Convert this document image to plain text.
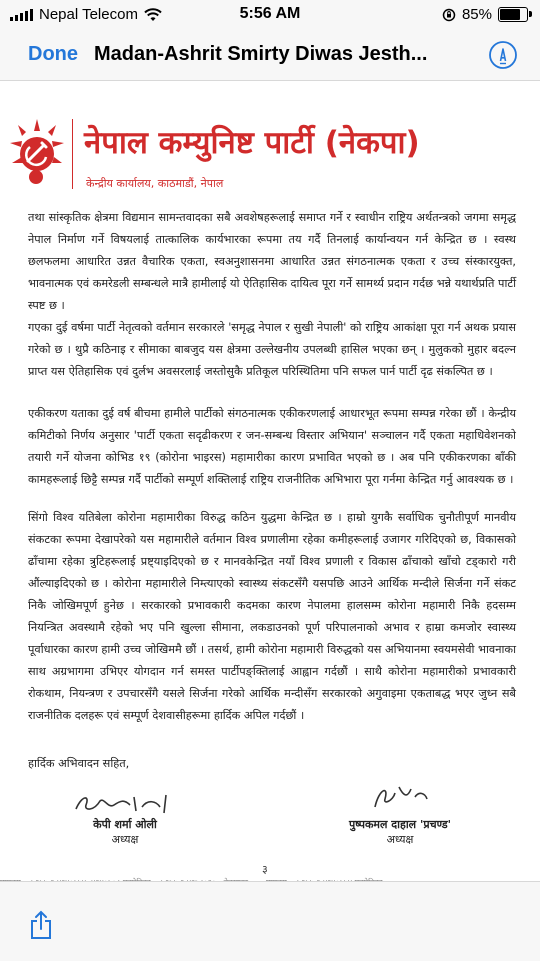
Nepal Telecom	5:56 AM	85%
Done Madan-Ashrit Smirty Diwas Jesth...
नेपाल कम्युनिष्ट पार्टी (नेकपा)
केन्द्रीय कार्यालय, काठमाडौं, नेपाल

तथा सांस्कृतिक क्षेत्रमा विद्यमान सामन्तवादका सबै अवशेषहरूलाई समाप्त गर्ने र स्वाधीन राष्ट्रिय अर्थतन्त्रको जगमा समृद्ध नेपाल निर्माण गर्ने विषयलाई तात्कालिक कार्यभारका रूपमा तय गर्दै तिनलाई कार्यान्वयन गर्न केन्द्रित छ । स्वस्थ छलफलमा आधारित उन्नत वैचारिक एकता, स्वअनुशासनमा आधारित उन्नत संगठनात्मक एकता र उच्च संस्कारयुक्त, भावनात्मक एवं कमरेडली सम्बन्धले मात्रै हामीलाई यो ऐतिहासिक दायित्व पूरा गर्ने सामर्थ्य प्रदान गर्दछ भन्ने यथार्थप्रति पार्टी स्पष्ट छ ।

गएका दुई वर्षमा पार्टी नेतृत्वको वर्तमान सरकारले 'समृद्ध नेपाल र सुखी नेपाली' को राष्ट्रिय आकांक्षा पूरा गर्न अथक प्रयास गरेको छ । थुप्रै कठिनाइ र सीमाका बाबजुद यस क्षेत्रमा उल्लेखनीय उपलब्धी हासिल भएका छन् । मुलुकको मुहार बदल्न प्राप्त यस ऐतिहासिक एवं दुर्लभ अवसरलाई जस्तोसुकै प्रतिकूल परिस्थितिमा पनि सफल पार्न पार्टी दृढ संकल्पित छ ।

एकीकरण यताका दुई वर्ष बीचमा हामीले पार्टीको संगठनात्मक एकीकरणलाई आधारभूत रूपमा सम्पन्न गरेका छौं । केन्द्रीय कमिटीको निर्णय अनुसार 'पार्टी एकता सदृढीकरण र जन-सम्बन्ध विस्तार अभियान' सञ्चालन गर्दै एकता महाधिवेशनको तयारी गर्ने योजना कोभिड १९ (कोरोना भाइरस) महामारीका कारण प्रभावित भएको छ । अब पनि एकीकरणका बाँकी कामहरूलाई छिट्टै सम्पन्न गर्दै पार्टीको सम्पूर्ण शक्तिलाई राष्ट्रिय राजनीतिक अभिभारा पूरा गर्नमा केन्द्रित गर्नु आवश्यक छ ।

सिंगो विश्व यतिबेला कोरोना महामारीका विरुद्ध कठिन युद्धमा केन्द्रित छ । हाम्रो युगकै सर्वाधिक चुनौतीपूर्ण मानवीय संकटका रूपमा देखापरेको यस महामारीले वर्तमान विश्व प्रणालीमा रहेका कमीहरूलाई उजागर गरिदिएको छ, विकासको ढाँचामा रहेका त्रुटिहरूलाई प्रष्ट्याइदिएको छ र मानवकेन्द्रित नयाँ विश्व प्रणाली र विकास ढाँचाको खाँचो टड्कारो गरी औंल्याइदिएको छ । कोरोना महामारीले निम्त्याएको स्वास्थ्य संकटसँगै यसपछि आउने आर्थिक मन्दीले सिर्जना गर्ने संकट निकै जोखिमपूर्ण हुनेछ । सरकारको प्रभावकारी कदमका कारण नेपालमा हालसम्म कोरोना महामारी निकै हदसम्म नियन्त्रित अवस्थामै रहेको भए पनि खुल्ला सीमाना, लकडाउनको पूर्ण परिपालनाको अभाव र हाम्रा कमजोर स्वास्थ्य पूर्वाधारका कारण हामी उच्च जोखिममै छौं । तसर्थ, हामी कोरोना महामारी विरुद्धको यस अभियानमा स्वयमसेवी भावनाका साथ अग्रभागमा उभिएर योगदान गर्न समस्त पार्टीपङ्क्तिलाई आह्वान गर्दछौं । साथै कोरोना महामारीको प्रभावकारी रोकथाम, नियन्त्रण र उपचारसँगै यसले सिर्जना गरेको आर्थिक मन्दीसँग सरकारको अगुवाइमा एकताबद्ध भएर जुध्न सबै राजनीतिक दलहरू एवं सम्पूर्ण देशवासीहरूमा हार्दिक अपिल गर्दछौं ।

हार्दिक अभिवादन सहित,
केपी शर्मा ओली
अध्यक्ष
पुष्पकमल दाहाल 'प्रचण्ड'
अध्यक्ष
३
